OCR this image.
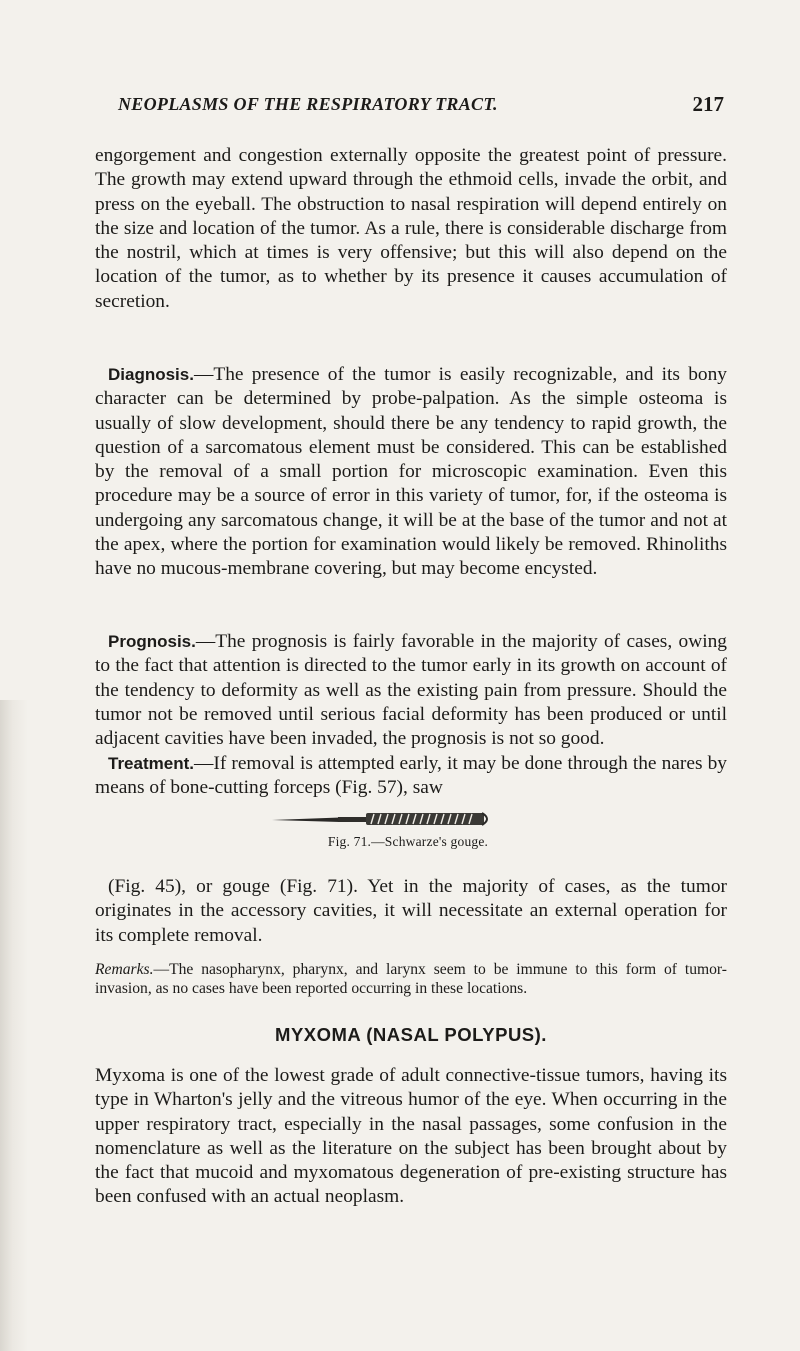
NEOPLASMS OF THE RESPIRATORY TRACT.	217

engorgement and congestion externally opposite the greatest point of pressure. The growth may extend upward through the ethmoid cells, invade the orbit, and press on the eyeball. The obstruction to nasal respiration will depend entirely on the size and location of the tumor. As a rule, there is considerable discharge from the nostril, which at times is very offensive; but this will also depend on the location of the tumor, as to whether by its presence it causes accumulation of secretion.

Diagnosis.—The presence of the tumor is easily recognizable, and its bony character can be determined by probe-palpation. As the simple osteoma is usually of slow development, should there be any tendency to rapid growth, the question of a sarcomatous element must be considered. This can be established by the removal of a small portion for microscopic examination. Even this procedure may be a source of error in this variety of tumor, for, if the osteoma is undergoing any sarcomatous change, it will be at the base of the tumor and not at the apex, where the portion for examination would likely be removed. Rhinoliths have no mucous-membrane covering, but may become encysted.

Prognosis.—The prognosis is fairly favorable in the majority of cases, owing to the fact that attention is directed to the tumor early in its growth on account of the tendency to deformity as well as the existing pain from pressure. Should the tumor not be removed until serious facial deformity has been produced or until adjacent cavities have been invaded, the prognosis is not so good.

Treatment.—If removal is attempted early, it may be done through the nares by means of bone-cutting forceps (Fig. 57), saw

Fig. 71.—Schwarze's gouge.

(Fig. 45), or gouge (Fig. 71). Yet in the majority of cases, as the tumor originates in the accessory cavities, it will necessitate an external operation for its complete removal.

Remarks.—The nasopharynx, pharynx, and larynx seem to be immune to this form of tumor-invasion, as no cases have been reported occurring in these locations.
MYXOMA (NASAL POLYPUS).

Myxoma is one of the lowest grade of adult connective-tissue tumors, having its type in Wharton's jelly and the vitreous humor of the eye. When occurring in the upper respiratory tract, especially in the nasal passages, some confusion in the nomenclature as well as the literature on the subject has been brought about by the fact that mucoid and myxomatous degeneration of pre-existing structure has been confused with an actual neoplasm.
